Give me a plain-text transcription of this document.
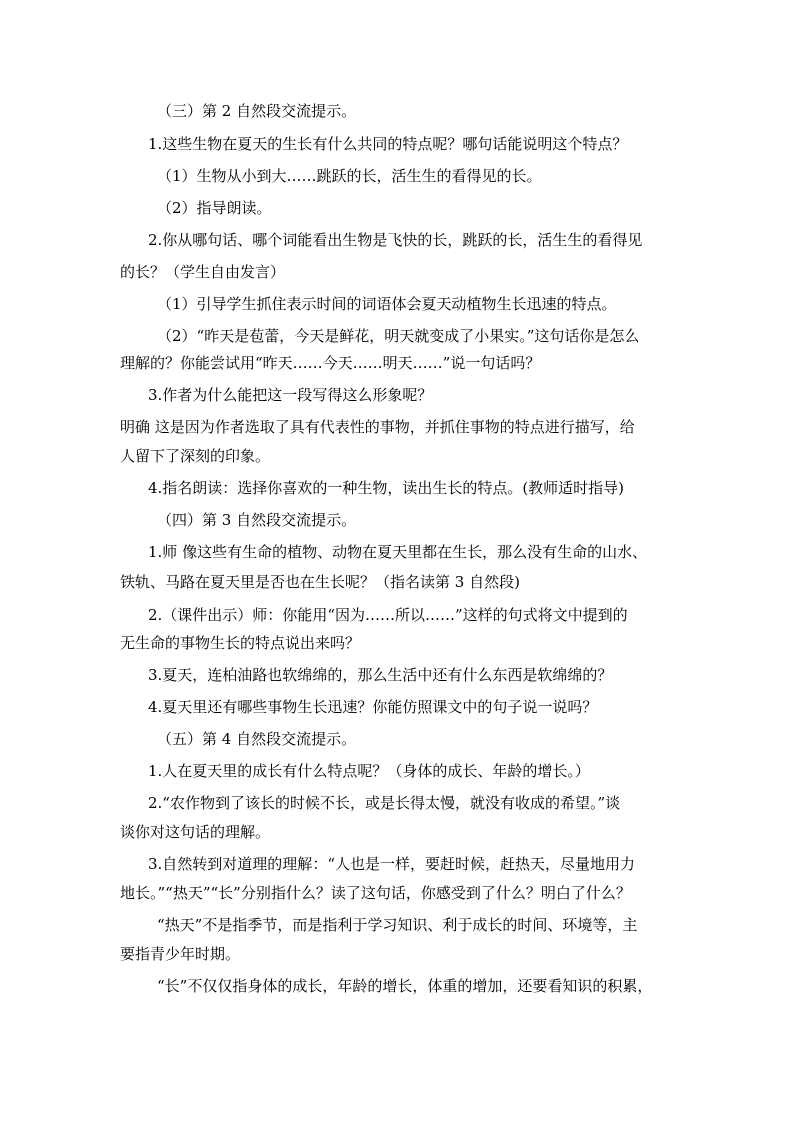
（三）第 2 自然段交流提示。
1.这些生物在夏天的生长有什么共同的特点呢？哪句话能说明这个特点？
（1）生物从小到大……跳跃的长，活生生的看得见的长。
（2）指导朗读。
2.你从哪句话、哪个词能看出生物是飞快的长，跳跃的长，活生生的看得见
的长？（学生自由发言）
（1）引导学生抓住表示时间的词语体会夏天动植物生长迅速的特点。
（2）“昨天是苞蕾，今天是鲜花，明天就变成了小果实。”这句话你是怎么
理解的？你能尝试用“昨天……今天……明天……”说一句话吗？
3.作者为什么能把这一段写得这么形象呢？
明确 这是因为作者选取了具有代表性的事物，并抓住事物的特点进行描写，给
人留下了深刻的印象。
4.指名朗读：选择你喜欢的一种生物，读出生长的特点。(教师适时指导)
（四）第 3 自然段交流提示。
1.师 像这些有生命的植物、动物在夏天里都在生长，那么没有生命的山水、
铁轨、马路在夏天里是否也在生长呢？（指名读第 3 自然段)
2.（课件出示）师：你能用“因为……所以……”这样的句式将文中提到的
无生命的事物生长的特点说出来吗？
3.夏天，连柏油路也软绵绵的，那么生活中还有什么东西是软绵绵的？
4.夏天里还有哪些事物生长迅速？你能仿照课文中的句子说一说吗？
（五）第 4 自然段交流提示。
1.人在夏天里的成长有什么特点呢？（身体的成长、年龄的增长。）
2.“农作物到了该长的时候不长，或是长得太慢，就没有收成的希望。”谈
谈你对这句话的理解。
3.自然转到对道理的理解：“人也是一样，要赶时候，赶热天，尽量地用力
地长。”“热天”“长”分别指什么？读了这句话，你感受到了什么？明白了什么？
“热天”不是指季节，而是指利于学习知识、利于成长的时间、环境等，主
要指青少年时期。
“长”不仅仅指身体的成长，年龄的增长，体重的增加，还要看知识的积累，
